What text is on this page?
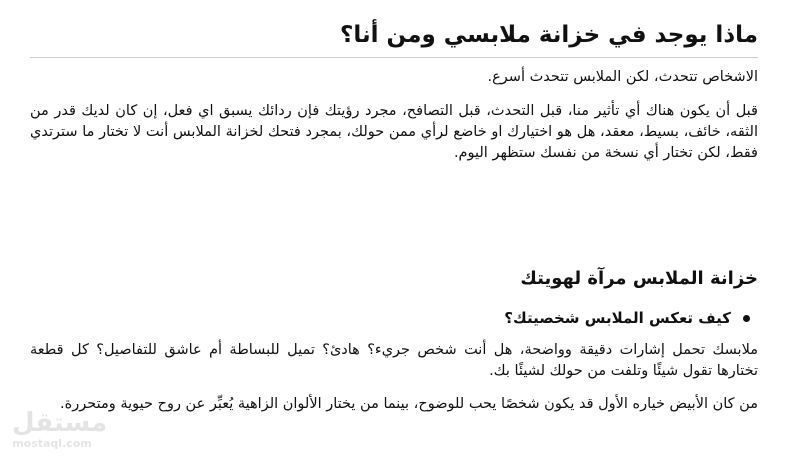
ماذا يوجد في خزانة ملابسي ومن أنا؟

الاشخاص تتحدث، لكن الملابس تتحدث أسرع.

قبل أن يكون هناك أي تأثير منا، قبل التحدث، قبل التصافح، مجرد رؤيتك فإن ردائك يسبق اي فعل، إن كان لديك قدر من الثقه، خائف، بسيط، معقد، هل هو اختيارك او خاضع لرأي ممن حولك، بمجرد فتحك لخزانة الملابس أنت لا تختار ما سترتدي فقط، لكن تختار أي نسخة من نفسك ستظهر اليوم.

خزانة الملابس مرآة لهويتك
كيف تعكس الملابس شخصيتك؟

ملابسك تحمل إشارات دقيقة وواضحة، هل أنت شخص جريء؟ هادئ؟ تميل للبساطة أم عاشق للتفاصيل؟ كل قطعة تختارها تقول شيئًا وتلفت من حولك لشيئًا بك.

من كان الأبيض خياره الأول قد يكون شخصًا يحب للوضوح، بينما من يختار الألوان الزاهية يُعبِّر عن روح حيوية ومتحررة.

مستقل
mostaql.com
